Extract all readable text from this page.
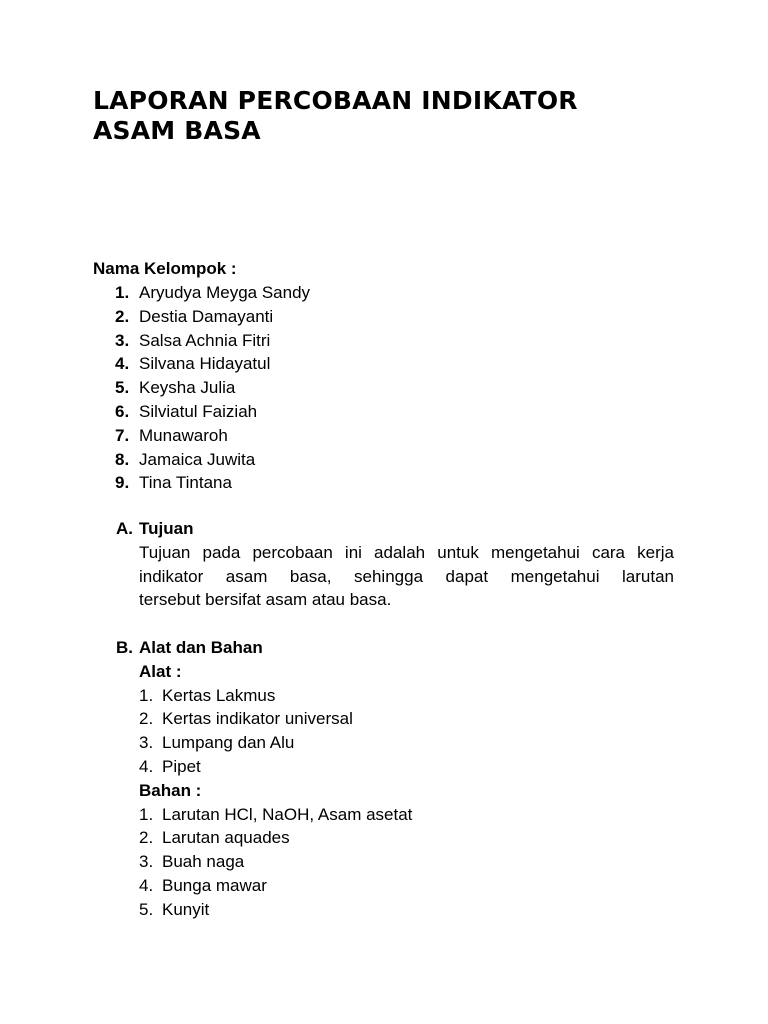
LAPORAN PERCOBAAN INDIKATOR
ASAM BASA
Nama Kelompok :
1. Aryudya Meyga Sandy
2. Destia Damayanti
3. Salsa Achnia Fitri
4. Silvana Hidayatul
5. Keysha Julia
6. Silviatul Faiziah
7. Munawaroh
8. Jamaica Juwita
9. Tina Tintana
A. Tujuan
Tujuan pada percobaan ini adalah untuk mengetahui cara kerja
indikator asam basa, sehingga dapat mengetahui larutan
tersebut bersifat asam atau basa.
B. Alat dan Bahan
Alat :
1. Kertas Lakmus
2. Kertas indikator universal
3. Lumpang dan Alu
4. Pipet
Bahan :
1. Larutan HCl, NaOH, Asam asetat
2. Larutan aquades
3. Buah naga
4. Bunga mawar
5. Kunyit
